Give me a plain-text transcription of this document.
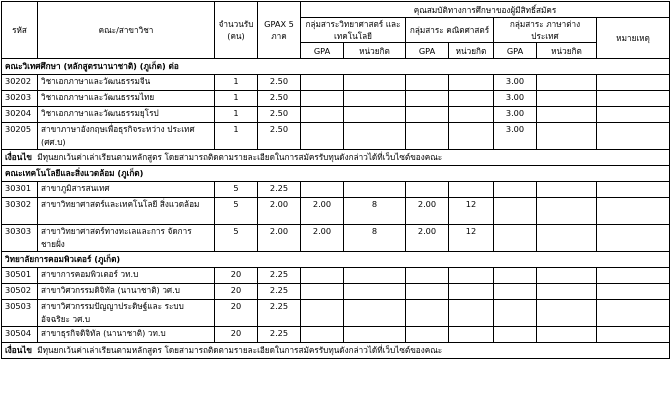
รหัส	คณะ/สาขาวิชา	จำนวนรับ (คน)	GPAX 5 ภาค	คุณสมบัติทางการศึกษาของผู้มีสิทธิ์สมัคร						
				กลุ่มสาระวิทยาศาสตร์ และเทคโนโลยี		กลุ่มสาระ คณิตศาสตร์		กลุ่มสาระ ภาษาต่างประเทศ		หมายเหตุ
				GPA	หน่วยกิต	GPA	หน่วยกิต	GPA	หน่วยกิต	
คณะวิเทศศึกษา (หลักสูตรนานาชาติ) (ภูเก็ต) ต่อ										
30202	วิชาเอกภาษาและวัฒนธรรมจีน	1	2.50					3.00		
30203	วิชาเอกภาษาและวัฒนธรรมไทย	1	2.50					3.00		
30204	วิชาเอกภาษาและวัฒนธรรมยุโรป	1	2.50					3.00		
30205	สาขาภาษาอังกฤษเพื่อธุรกิจระหว่าง ประเทศ (ศศ.บ)	1	2.50					3.00		
เงื่อนไข มีทุนยกเว้นค่าเล่าเรียนตามหลักสูตร โดยสามารถติดตามรายละเอียดในการสมัครรับทุนดังกล่าวได้ที่เว็บไซต์ของคณะ										
คณะเทคโนโลยีและสิ่งแวดล้อม (ภูเก็ต)										
30301	สาขาภูมิสารสนเทศ	5	2.25							
30302	สาขาวิทยาศาสตร์และเทคโนโลยี สิ่งแวดล้อม	5	2.00	2.00	8	2.00	12			
30303	สาขาวิทยาศาสตร์ทางทะเลและการ จัดการชายฝั่ง	5	2.00	2.00	8	2.00	12			
วิทยาลัยการคอมพิวเตอร์ (ภูเก็ต)										
30501	สาขาการคอมพิวเตอร์ วท.บ	20	2.25							
30502	สาขาวิศวกรรมดิจิทัล (นานาชาติ) วศ.บ	20	2.25							
30503	สาขาวิศวกรรมปัญญาประดิษฐ์และ ระบบอัจฉริยะ วศ.บ	20	2.25							
30504	สาขาธุรกิจดิจิทัล (นานาชาติ) วท.บ	20	2.25							
เงื่อนไข มีทุนยกเว้นค่าเล่าเรียนตามหลักสูตร โดยสามารถติดตามรายละเอียดในการสมัครรับทุนดังกล่าวได้ที่เว็บไซต์ของคณะ										
